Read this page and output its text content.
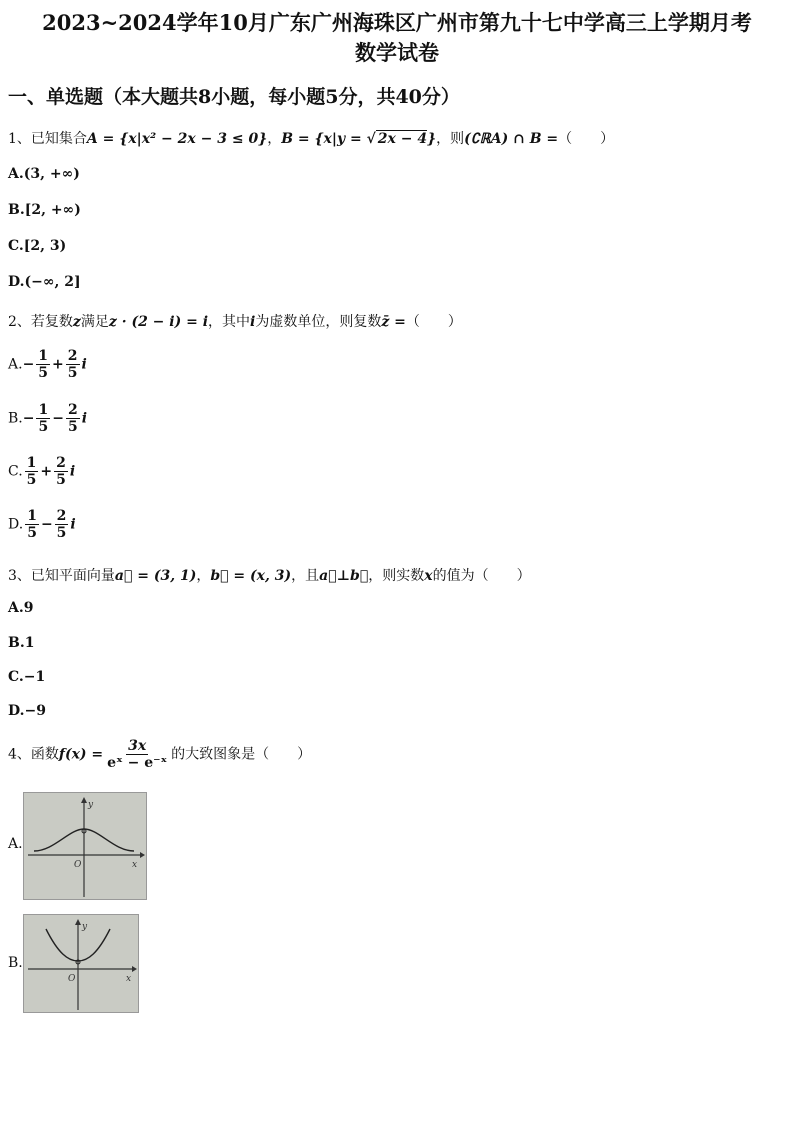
2023~2024学年10月广东广州海珠区广州市第九十七中学高三上学期月考
数学试卷
一、单选题（本大题共8小题，每小题5分，共40分）
1、已知集合A = {x|x² − 2x − 3 ≤ 0}，B = {x|y = √ 2x − 4}，则(∁ℝA) ∩ B =（　　）
A.(3, +∞)
B.[2, +∞)
C.[2, 3)
D.(−∞, 2]
2、若复数z满足z · (2 − i) = i，其中i为虚数单位，则复数z̄ =（　　）
$A.- \frac{1}{5} + \frac{2}{5}$ i
$B.- \frac{1}{5} - \frac{2}{5}$ i
C. $\frac{1}{5} + \frac{2}{5}$ i
D. $\frac{1}{5} - \frac{2}{5}$ i
3、已知平面向量a⃗ = (3, 1)，b⃗ = (x, 3)，且a⃗⊥b⃗，则实数x的值为（　　）
A.9
B.1
C.−1
D.−9
4、函数$f(x) = \frac{3x}{\text{eˣ − e⁻ˣ}}$ 的大致图象是（　　）
A.
y
x
O
B.
y
x
O
